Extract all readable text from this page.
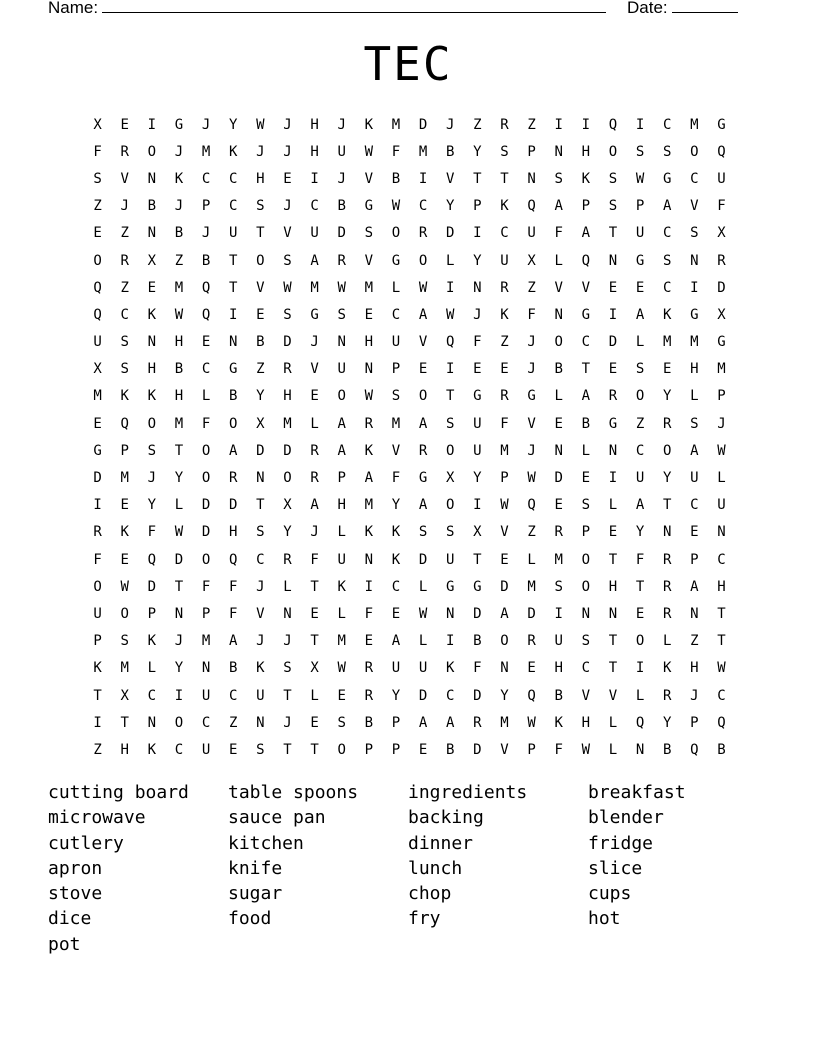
Name:	Date:
TEC
X	E	I	G	J	Y	W	J	H	J	K	M	D	J	Z	R	Z	I	I	Q	I	C	M	G
F	R	O	J	M	K	J	J	H	U	W	F	M	B	Y	S	P	N	H	O	S	S	O	Q
S	V	N	K	C	C	H	E	I	J	V	B	I	V	T	T	N	S	K	S	W	G	C	U
Z	J	B	J	P	C	S	J	C	B	G	W	C	Y	P	K	Q	A	P	S	P	A	V	F
E	Z	N	B	J	U	T	V	U	D	S	O	R	D	I	C	U	F	A	T	U	C	S	X
O	R	X	Z	B	T	O	S	A	R	V	G	O	L	Y	U	X	L	Q	N	G	S	N	R
Q	Z	E	M	Q	T	V	W	M	W	M	L	W	I	N	R	Z	V	V	E	E	C	I	D
Q	C	K	W	Q	I	E	S	G	S	E	C	A	W	J	K	F	N	G	I	A	K	G	X
U	S	N	H	E	N	B	D	J	N	H	U	V	Q	F	Z	J	O	C	D	L	M	M	G
X	S	H	B	C	G	Z	R	V	U	N	P	E	I	E	E	J	B	T	E	S	E	H	M
M	K	K	H	L	B	Y	H	E	O	W	S	O	T	G	R	G	L	A	R	O	Y	L	P
E	Q	O	M	F	O	X	M	L	A	R	M	A	S	U	F	V	E	B	G	Z	R	S	J
G	P	S	T	O	A	D	D	R	A	K	V	R	O	U	M	J	N	L	N	C	O	A	W
D	M	J	Y	O	R	N	O	R	P	A	F	G	X	Y	P	W	D	E	I	U	Y	U	L
I	E	Y	L	D	D	T	X	A	H	M	Y	A	O	I	W	Q	E	S	L	A	T	C	U
R	K	F	W	D	H	S	Y	J	L	K	K	S	S	X	V	Z	R	P	E	Y	N	E	N
F	E	Q	D	O	Q	C	R	F	U	N	K	D	U	T	E	L	M	O	T	F	R	P	C
O	W	D	T	F	F	J	L	T	K	I	C	L	G	G	D	M	S	O	H	T	R	A	H
U	O	P	N	P	F	V	N	E	L	F	E	W	N	D	A	D	I	N	N	E	R	N	T
P	S	K	J	M	A	J	J	T	M	E	A	L	I	B	O	R	U	S	T	O	L	Z	T
K	M	L	Y	N	B	K	S	X	W	R	U	U	K	F	N	E	H	C	T	I	K	H	W
T	X	C	I	U	C	U	T	L	E	R	Y	D	C	D	Y	Q	B	V	V	L	R	J	C
I	T	N	O	C	Z	N	J	E	S	B	P	A	A	R	M	W	K	H	L	Q	Y	P	Q
Z	H	K	C	U	E	S	T	T	O	P	P	E	B	D	V	P	F	W	L	N	B	Q	B
cutting board	table spoons	ingredients	breakfast
microwave	sauce pan	backing	blender
cutlery	kitchen	dinner	fridge
apron	knife	lunch	slice
stove	sugar	chop	cups
dice	food	fry	hot
pot
